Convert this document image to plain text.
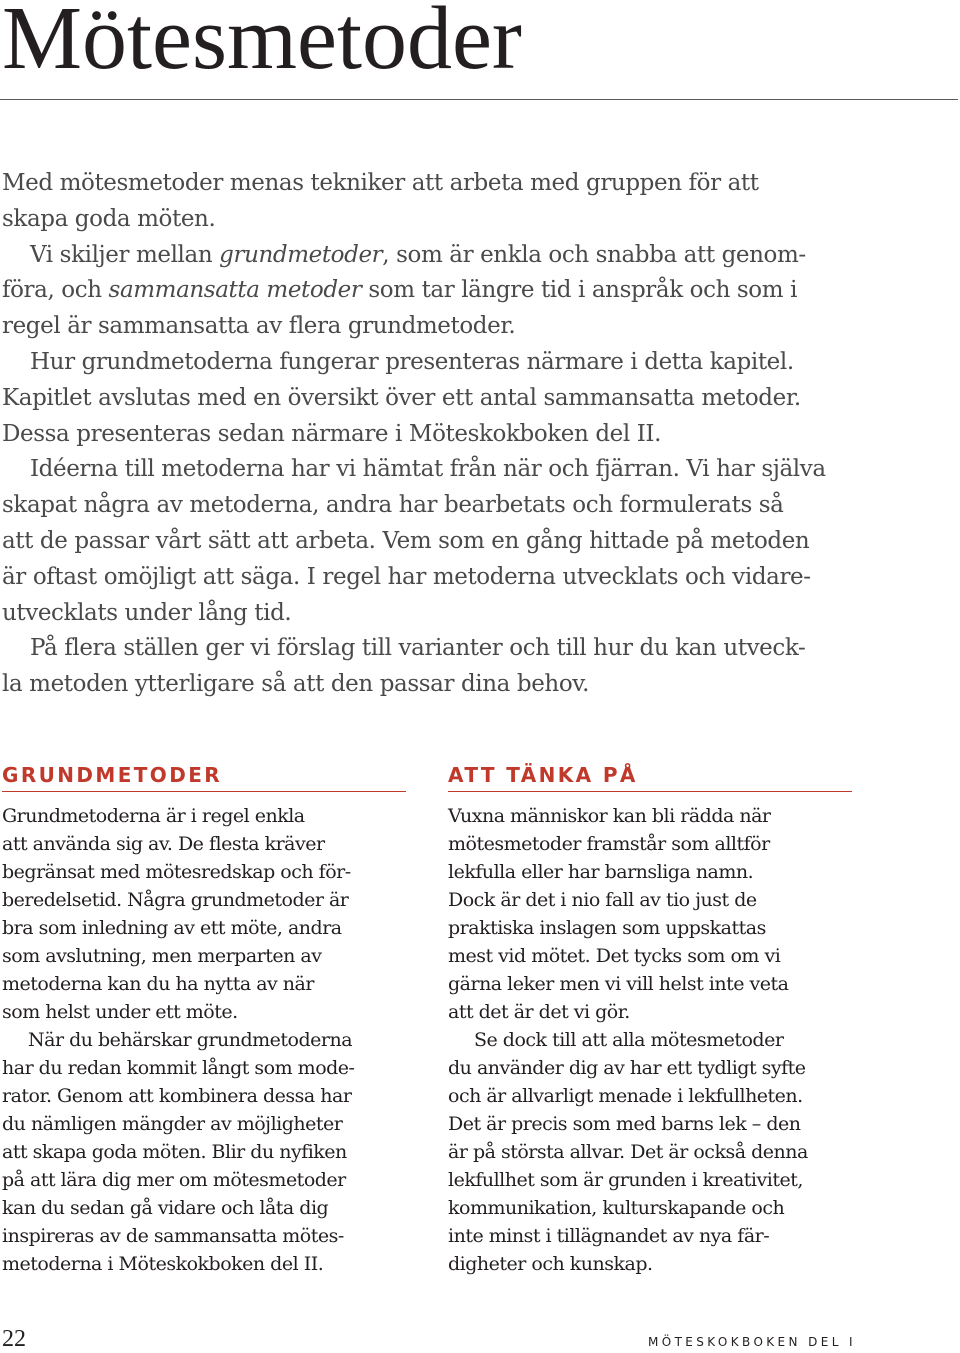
Mötesmetoder

Med mötesmetoder menas tekniker att arbeta med gruppen för att
skapa goda möten.

Vi skiljer mellan grundmetoder, som är enkla och snabba att genom-
föra, och sammansatta metoder som tar längre tid i anspråk och som i
regel är sammansatta av flera grundmetoder.

Hur grundmetoderna fungerar presenteras närmare i detta kapitel.
Kapitlet avslutas med en översikt över ett antal sammansatta metoder.
Dessa presenteras sedan närmare i Möteskokboken del II.

Idéerna till metoderna har vi hämtat från när och fjärran. Vi har själva
skapat några av metoderna, andra har bearbetats och formulerats så
att de passar vårt sätt att arbeta. Vem som en gång hittade på metoden
är oftast omöjligt att säga. I regel har metoderna utvecklats och vidare-
utvecklats under lång tid.

På flera ställen ger vi förslag till varianter och till hur du kan utveck-
la metoden ytterligare så att den passar dina behov.

GRUNDMETODER
Grundmetoderna är i regel enkla
att använda sig av. De flesta kräver
begränsat med mötesredskap och för-
beredelsetid. Några grundmetoder är
bra som inledning av ett möte, andra
som avslutning, men merparten av
metoderna kan du ha nytta av när
som helst under ett möte.
När du behärskar grundmetoderna
har du redan kommit långt som mode-
rator. Genom att kombinera dessa har
du nämligen mängder av möjligheter
att skapa goda möten. Blir du nyfiken
på att lära dig mer om mötesmetoder
kan du sedan gå vidare och låta dig
inspireras av de sammansatta mötes-
metoderna i Möteskokboken del II.
ATT TÄNKA PÅ
Vuxna människor kan bli rädda när
mötesmetoder framstår som alltför
lekfulla eller har barnsliga namn.
Dock är det i nio fall av tio just de
praktiska inslagen som uppskattas
mest vid mötet. Det tycks som om vi
gärna leker men vi vill helst inte veta
att det är det vi gör.
Se dock till att alla mötesmetoder
du använder dig av har ett tydligt syfte
och är allvarligt menade i lekfullheten.
Det är precis som med barns lek – den
är på största allvar. Det är också denna
lekfullhet som är grunden i kreativitet,
kommunikation, kulturskapande och
inte minst i tillägnandet av nya fär-
digheter och kunskap.
22	MÖTESKOKBOKEN DEL I
